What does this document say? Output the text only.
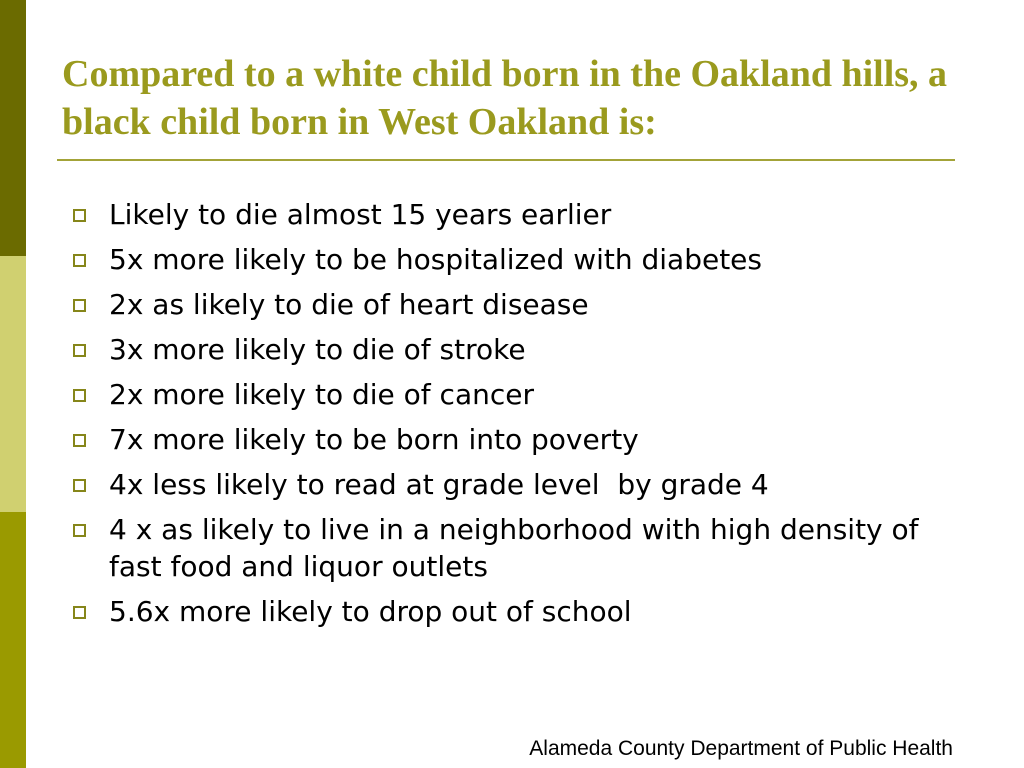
Compared to a white child born in the Oakland hills, a black child born in West Oakland is:
Likely to die almost 15 years earlier
5x more likely to be hospitalized with diabetes
2x as likely to die of heart disease
3x more likely to die of stroke
2x more likely to die of cancer
7x more likely to be born into poverty
4x less likely to read at grade level  by grade 4
4 x as likely to live in a neighborhood with high density of fast food and liquor outlets
5.6x more likely to drop out of school
Alameda County Department of Public Health
